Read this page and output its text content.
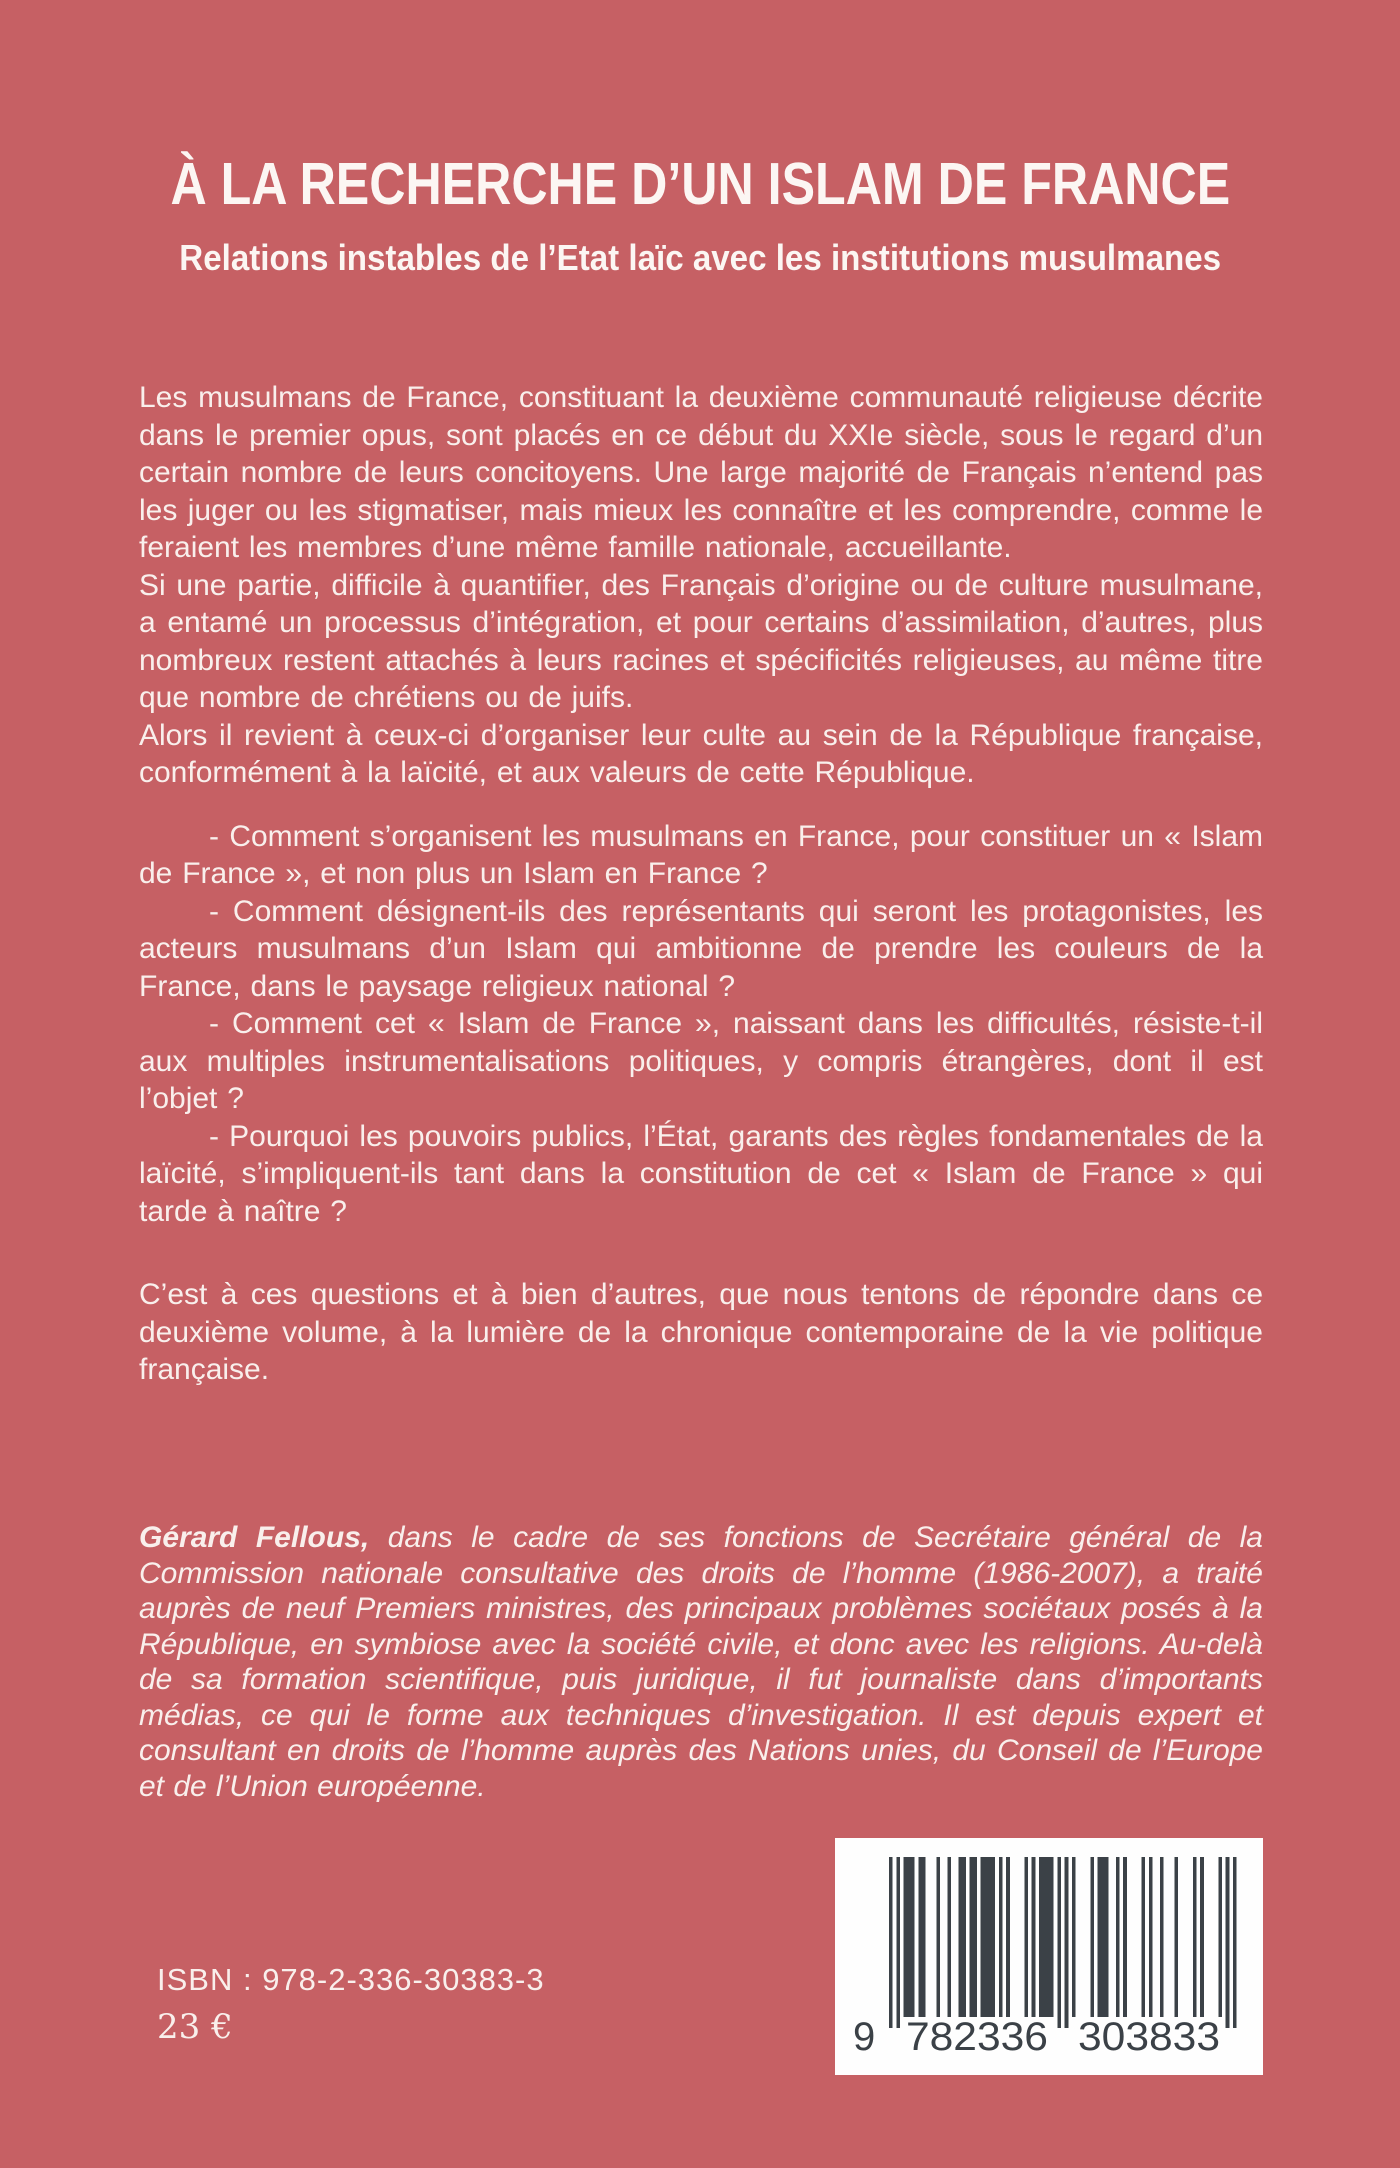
À LA RECHERCHE D’UN ISLAM DE FRANCE
Relations instables de l’Etat laïc avec les institutions musulmanes

Les musulmans de France, constituant la deuxième communauté religieuse décrite dans le premier opus, sont placés en ce début du XXIe siècle, sous le regard d’un certain nombre de leurs concitoyens. Une large majorité de Français n’entend pas les juger ou les stigmatiser, mais mieux les connaître et les comprendre, comme le feraient les membres d’une même famille nationale, accueillante.

Si une partie, difficile à quantifier, des Français d’origine ou de culture musulmane, a entamé un processus d’intégration, et pour certains d’assimilation, d’autres, plus nombreux restent attachés à leurs racines et spécificités religieuses, au même titre que nombre de chrétiens ou de juifs.

Alors il revient à ceux-ci d’organiser leur culte au sein de la République française, conformément à la laïcité, et aux valeurs de cette République.

- Comment s’organisent les musulmans en France, pour constituer un « Islam de France », et non plus un Islam en France ?

- Comment désignent-ils des représentants qui seront les protagonistes, les acteurs musulmans d’un Islam qui ambitionne de prendre les couleurs de la France, dans le paysage religieux national ?

- Comment cet « Islam de France », naissant dans les difficultés, résiste-t-il aux multiples instrumentalisations politiques, y compris étrangères, dont il est l’objet ?

- Pourquoi les pouvoirs publics, l’État, garants des règles fondamentales de la laïcité, s’impliquent-ils tant dans la constitution de cet « Islam de France » qui tarde à naître ?

C’est à ces questions et à bien d’autres, que nous tentons de répondre dans ce deuxième volume, à la lumière de la chronique contemporaine de la vie politique française.

Gérard Fellous, dans le cadre de ses fonctions de Secrétaire général de la Commission nationale consultative des droits de l’homme (1986-2007), a traité auprès de neuf Premiers ministres, des principaux problèmes sociétaux posés à la République, en symbiose avec la société civile, et donc avec les religions. Au-delà de sa formation scientifique, puis juridique, il fut journaliste dans d’importants médias, ce qui le forme aux techniques d’investigation. Il est depuis expert et consultant en droits de l’homme auprès des Nations unies, du Conseil de l’Europe et de l’Union européenne.
ISBN : 978-2-336-30383-3
23 €	9 782336 303833
